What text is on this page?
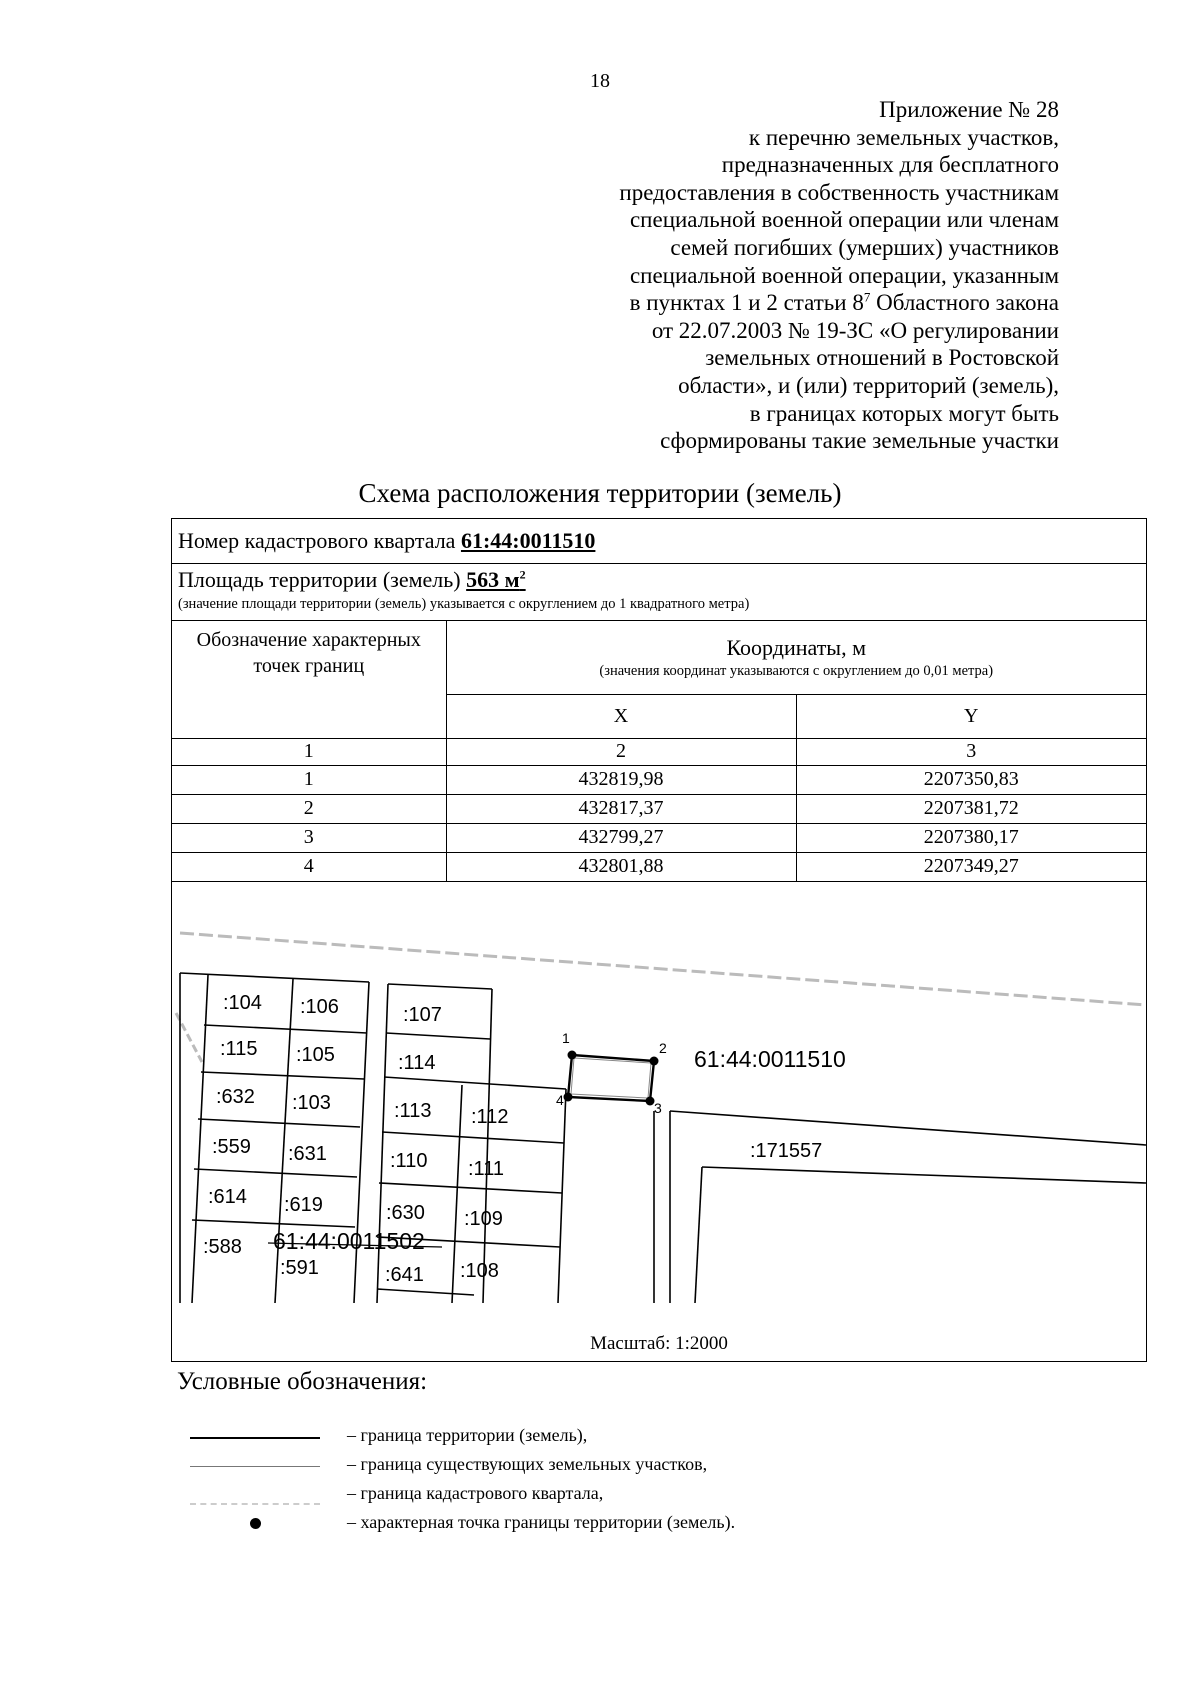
18
Приложение № 28
к перечню земельных участков,
предназначенных для бесплатного
предоставления в собственность участникам
специальной военной операции или членам
семей погибших (умерших) участников
специальной военной операции, указанным
в пунктах 1 и 2 статьи $8^7$ Областного закона
от 22.07.2003 № 19-ЗС «О регулировании
земельных отношений в Ростовской
области», и (или) территорий (земель),
в границах которых могут быть
сформированы такие земельные участки
Схема расположения территории (земель)
Номер кадастрового квартала 61:44:0011510
Площадь территории (земель) 563 $м^2$
(значение площади территории (земель) указывается с округлением до 1 квадратного метра)
Обозначение характерных точек границ	Координаты, м
(значения координат указываются с округлением до 0,01 метра)	

	X	Y
1	2	3
1	432819,98	2207350,83
2	432817,37	2207381,72
3	432799,27	2207380,17
4	432801,88	2207349,27
1
2
3
4
:104 :106	:107
:115 :105	:114
:632 :103	:113 :112
:559 :631	:110 :111
:614 :619	:630 :109
:588
:591	:641 :108
61:44:0011502
61:44:0011510
:171557
Масштаб: 1:2000
Условные обозначения:
– граница территории (земель),
– граница существующих земельных участков,
– граница кадастрового квартала,
– характерная точка границы территории (земель).
